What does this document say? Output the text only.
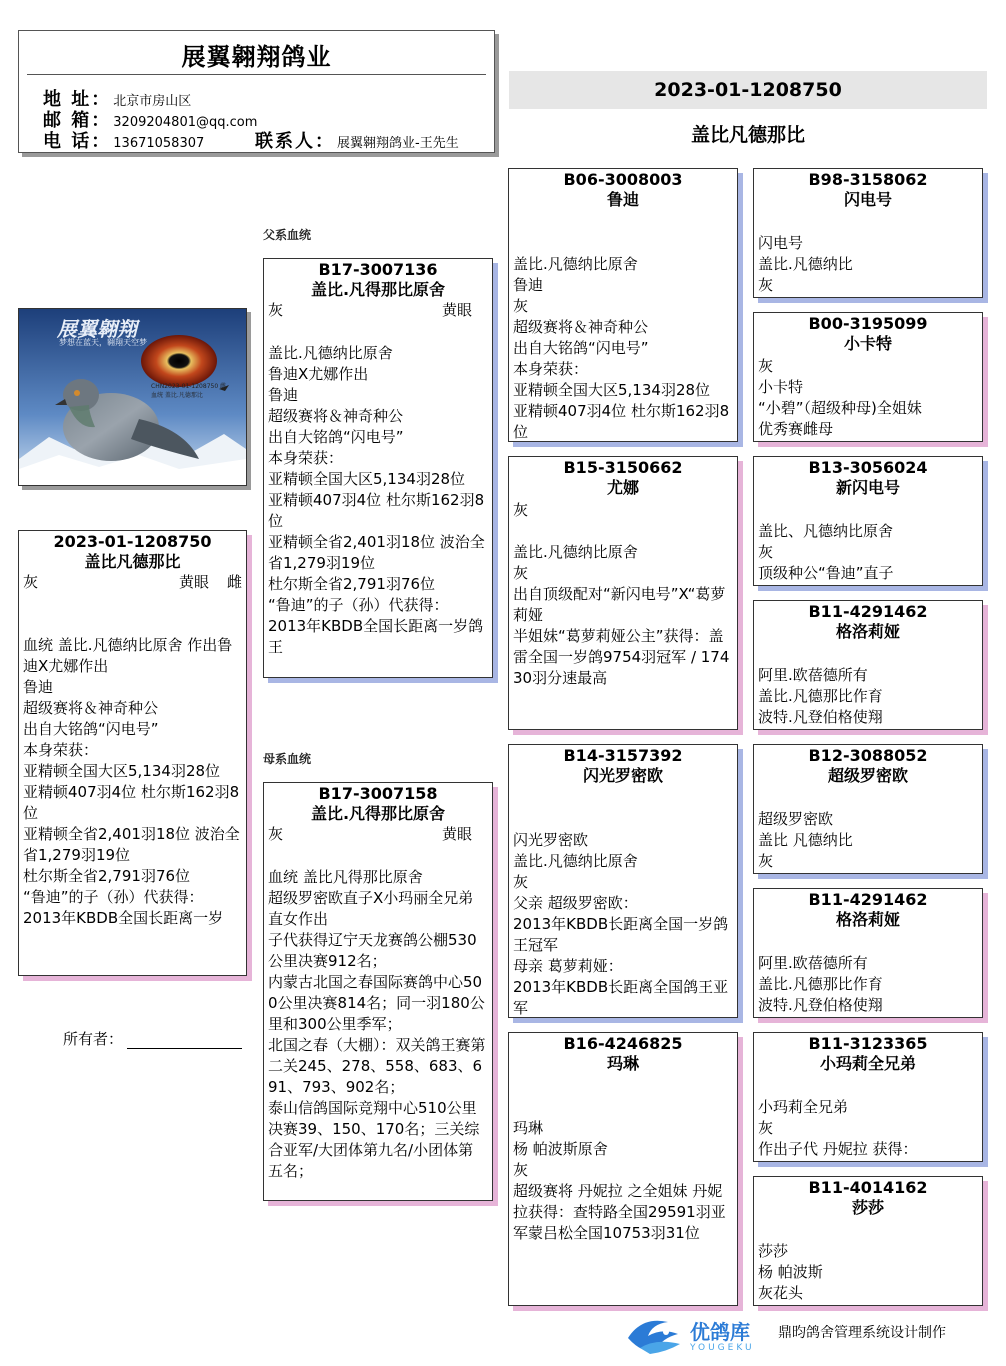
展翼翱翔鸽业
地 址： 北京市房山区
邮 箱： 3209204801@qq.com
电 话： 13671058307	联系人： 展翼翱翔鸽业-王先生
2023-01-1208750
盖比凡德那比
展翼翱翔
梦想在蓝天，翱翔天空梦
CHN2023-01-1208750 雌
血统 盖比.凡德那比
父系血统
母系血统
2023-01-1208750
盖比凡德那比
灰	黄眼 雌
血统 盖比.凡德纳比原舍 作出鲁迪X尤娜作出
鲁迪
超级赛将＆神奇种公
出自大铭鸽“闪电号”
本身荣获：
亚精顿全国大区5,134羽28位
亚精顿407羽4位 杜尔斯162羽8位
亚精顿全省2,401羽18位 波治全
省1,279羽19位
杜尔斯全省2,791羽76位
“鲁迪”的子（孙）代获得：
2013年KBDB全国长距离一岁
所有者：
B17-3007136
盖比.凡得那比原舍
灰	黄眼
盖比.凡德纳比原舍
鲁迪X尤娜作出
鲁迪
超级赛将＆神奇种公
出自大铭鸽“闪电号”
本身荣获：
亚精顿全国大区5,134羽28位
亚精顿407羽4位 杜尔斯162羽8位
亚精顿全省2,401羽18位 波治全
省1,279羽19位
杜尔斯全省2,791羽76位
“鲁迪”的子（孙）代获得：
2013年KBDB全国长距离一岁鸽王
B17-3007158
盖比.凡得那比原舍
灰	黄眼
血统 盖比凡得那比原舍
超级罗密欧直子X小玛丽全兄弟直女作出
子代获得辽宁天龙赛鸽公棚530公里决赛912名；
内蒙古北国之春国际赛鸽中心500公里决赛814名；同一羽180公里和300公里季军；
北国之春（大棚）：双关鸽王赛第二关245、278、558、683、691、793、902名；
泰山信鸽国际竞翔中心510公里决赛39、150、170名；三关综合亚军/大团体第九名/小团体第五名；
B06-3008003
鲁迪

盖比.凡德纳比原舍
鲁迪
灰
超级赛将＆神奇种公
出自大铭鸽“闪电号”
本身荣获：
亚精顿全国大区5,134羽28位
亚精顿407羽4位 杜尔斯162羽8位
B15-3150662
尤娜
灰

盖比.凡德纳比原舍
灰
出自顶级配对“新闪电号”X“葛萝莉娅
半姐妹“葛萝莉娅公主”获得：盖雷全国一岁鸽9754羽冠军 / 17430羽分速最高
B14-3157392
闪光罗密欧

闪光罗密欧
盖比.凡德纳比原舍
灰
父亲 超级罗密欧：
2013年KBDB长距离全国一岁鸽王冠军
母亲 葛萝莉娅：
2013年KBDB长距离全国鸽王亚军
B16-4246825
玛琳

玛琳
杨 帕波斯原舍
灰
超级赛将 丹妮拉 之全姐妹 丹妮拉获得：查特路全国29591羽亚军蒙吕松全国10753羽31位
B98-3158062
闪电号

闪电号
盖比.凡德纳比
灰
B00-3195099
小卡特
灰
小卡特
“小碧”（超级种母)全姐妹
优秀赛雌母
B13-3056024
新闪电号

盖比、凡德纳比原舍
灰
顶级种公“鲁迪”直子
B11-4291462
格洛莉娅

阿里.欧蓓德所有
盖比.凡德那比作育
波特.凡登伯格使翔
B12-3088052
超级罗密欧

超级罗密欧
盖比 凡德纳比
灰
B11-4291462
格洛莉娅

阿里.欧蓓德所有
盖比.凡德那比作育
波特.凡登伯格使翔
B11-3123365
小玛莉全兄弟

小玛莉全兄弟
灰
作出子代 丹妮拉 获得：
B11-4014162
莎莎

莎莎
杨 帕波斯
灰花头
优鸽库
YOUGEKU
鼎昀鸽舍管理系统设计制作
